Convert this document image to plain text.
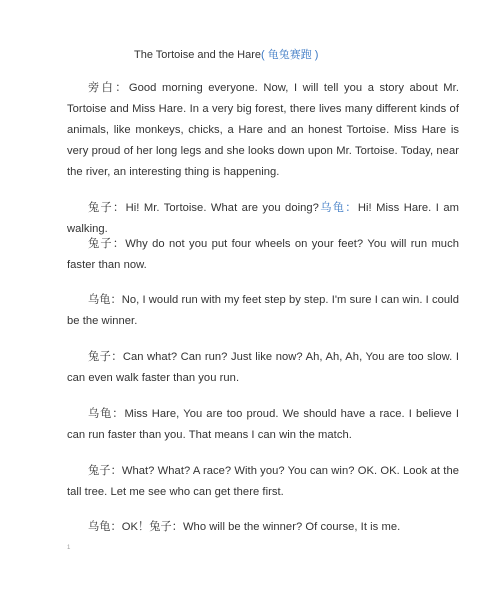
The Tortoise and the Hare( 龟兔赛跑 )
旁白：Good morning everyone. Now, I will tell you a story about Mr. Tortoise and Miss Hare. In a very big forest, there lives many different kinds of animals, like monkeys, chicks, a Hare and an honest Tortoise. Miss Hare is very proud of her long legs and she looks down upon Mr. Tortoise. Today, near the river, an interesting thing is happening.
兔子：Hi! Mr. Tortoise. What are you doing?乌龟：Hi! Miss Hare. I am walking.
兔子：Why do not you put four wheels on your feet? You will run much faster than now.
乌龟：No, I would run with my feet step by step. I'm sure I can win. I could be the winner.
兔子：Can what? Can run? Just like now? Ah, Ah, Ah, You are too slow. I can even walk faster than you run.
乌龟：Miss Hare, You are too proud. We should have a race. I believe I can run faster than you. That means I can win the match.
兔子：What? What? A race? With you? You can win? OK. OK. Look at the tall tree. Let me see who can get there first.
乌龟：OK！兔子：Who will be the winner? Of course, It is me.
1
